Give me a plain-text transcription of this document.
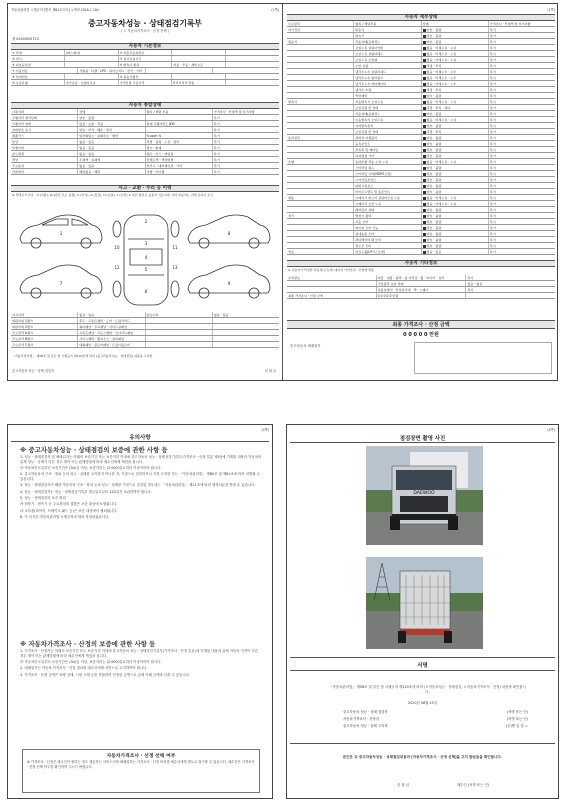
자동차관리법 시행규칙 [별지 제82호서식] <개정 2018.1.18>	(1쪽)
중고자동차성능 · 상태점검기록부
( ㅁ 자동차가격조사 · 산정 선택 )
제 0420000972호
자동차 기본정보
① 차명	(에스제이)	② 자동차등록번호
③ 연식	④ 검사유효기간
⑤ 최초등록일	⑥ 변속기 종류	자동 · 수동 · 세미오토
⑦ 사용연료	가솔린 · 디젤 · LPG · 하이브리드 · 전기 · 기타
⑧ 차대번호	⑨ 원동기형식
⑩ 보증유형	자가보증 · 보험사보증	가격산정 기준가격	0 0 0 0 0 만원
자동차 종합상태
사용이력	상태	항목 / 해당 부품	가격조사 · 산정액 및 특기사항
주행거리 계기상태	양호 · 불량	특기
주행거리 상태	많음 · 보통 · 적음	현재 주행거리 [ ]KM	특기
차대번호 표기	양호 · 부식 · 훼손 · 상이	특기
배출가스	일산화탄소 · 탄화수소 · 매연	% ppm %	특기
튜닝	없음 · 있음	적법 · 불법 · 구조 · 장치	특기
특별이력	없음 · 있음	침수 · 화재	특기
용도변경	없음 · 있음	렌트 · 리스 · 영업용	특기
색상	무채색 · 유채색	전체도색 · 색상변경	특기
주요옵션	없음 · 있음	썬루프 · 네비게이션 · 기타	특기
리콜대상	해당없음 · 해당	이행 · 미이행	특기
사고 · 교환 · 수리 등 이력
※ 상태표시 부호 : X (교환), W (판금 또는 용접), C (부식), A (흠집), U (요철), T (손상) ※ 하단 항목은 승용차 기준이며, 기타 자동차는 이에 준하여 표시
1
2
3
4
5
6
7
8
9
10	11
12	13
사고이력	없음 · 있음	단순수리	없음 · 있음
외판부위 1랭크	후드 · 프론트펜더 · 도어 · 트렁크리드
외판부위 2랭크	쿼터패널 · 루프패널 · 사이드실패널
주요골격 A랭크	프론트패널 · 크로스멤버 · 인사이드패널
주요골격 B랭크	사이드멤버 · 휠하우스 · 필러패널
주요골격 C랭크	대쉬패널 · 플로어패널 · 트렁크플로어
「자동차관리법」 제58조 및 같은 법 시행규칙 제120조에 따라 (중고자동차성능 · 상태점검) 내용을 고지함
중고자동차 성능 · 상태 점검자	년 월 일
(1쪽)
자동차 세부상태
주요장치	항목 / 해당부품	상태	가격조사 · 산정액 및 특기사항
자기진단	원동기	양호 · 불량	특기
변속기	양호 · 불량	특기
원동기	작동상태(공회전)	양호 · 불량	특기
오일누유 실린더커버	없음 · 미세누유 · 누유	특기
오일누유 실린더헤드	없음 · 미세누유 · 누유	특기
오일누유 오일팬	없음 · 미세누유 · 누유	특기
오일 유량	적정 · 부족	특기
냉각수누수 실린더헤드	없음 · 미세누수 · 누수	특기
냉각수누수 워터펌프	없음 · 미세누수 · 누수	특기
냉각수누수 라디에이터	없음 · 미세누수 · 누수	특기
냉각수 수량	적정 · 부족	특기
커먼레일	양호 · 불량	특기
변속기	자동변속기 오일누유	없음 · 미세누유 · 누유	특기
오일유량 및 상태	적정 · 부족 · 과다	특기
작동상태(공회전)	양호 · 불량	특기
수동변속기 오일누유	없음 · 미세누유 · 누유	특기
기어변속장치	양호 · 불량	특기
오일유량 및 상태	적정 · 부족	특기
동력전달	클러치 어셈블리	양호 · 불량	특기
등속조인트	양호 · 불량	특기
추진축 및 베어링	양호 · 불량	특기
디퍼렌셜 기어	양호 · 불량	특기
조향	동력조향 작동 오일 누유	없음 · 미세누유 · 누유	특기
스티어링 펌프	양호 · 불량	특기
스티어링 기어(MDPS포함)	양호 · 불량	특기
스티어링조인트	양호 · 불량	특기
파워고압호스	양호 · 불량	특기
타이로드엔드 및 볼조인트	양호 · 불량	특기
제동	브레이크 마스터 실린더오일 누유	없음 · 미세누유 · 누유	특기
브레이크 오일 누유	없음 · 미세누유 · 누유	특기
배력장치 상태	양호 · 불량	특기
전기	발전기 출력	양호 · 불량	특기
시동 모터	양호 · 불량	특기
와이퍼 모터 기능	양호 · 불량	특기
실내송풍 모터	양호 · 불량	특기
라디에이터 팬 모터	양호 · 불량	특기
윈도우 모터	양호 · 불량	특기
연료	연료누출(LP가스포함)	없음 · 있음	특기
자동차 기타정보
※ 사용자가 작성한 자동차(소유자) 대하여 가격조사 · 산정에 적용
수리필요	외장 · 내장 · 광택 · 룸 크리닝 · 휠 · 타이어 · 유리	특기
기본품목 보유 상태	있음 · 없음
사용설명서 · 안전삼각대 · 잭 · 스패너	특기
최종 가격조사 · 산정 금액	0 0 0 0 0 만원
최종 가격조사 · 산정 금액
0 0 0 0 0 만원
중고자동차 매매업자
(4쪽)
유의사항
※ 중고자동차성능 · 상태점검의 보증에 관한 사항 등
1. 성능 · 상태점검자 및 매매업자는 아래의 보증기간 또는 보증거리 이내에 중고자동차 성능 · 상태점검기록부(가격조사 · 산정 부분 제외)에 기재된 내용과 자동차의 실제 성능 · 상태가 다른 경우 계약 또는 관계법령에 따라 매수인에게 책임을 집니다.
㉮ 자동차인도일부터 보증기간은 (30)일 이상, 보증거리는 (2,000)킬로미터 이상이어야 합니다.
2. 중고자동차의 구조 · 장치 등의 성능 · 상태를 고지하지 아니한 자, 거짓으로 점검하거나 거짓 고지한 자는 「자동차관리법」 제80조 및 제81조에 따라 처벌될 수 있습니다.
3. 성능 · 상태점검자가 해당 자동차의 구조 · 장치 등의 성능 · 상태를 거짓으로 점검한 경우에는 「자동차관리법」 제21조에 따라 행정처분을 받을 수 있습니다.
4. 성능 · 상태점검자는 성능 · 상태점검기록부 발급일로부터 120일간 보관하여야 합니다.
5. 성능 · 상태점검의 보증 범위
㉮ 원동기 · 변속기 등 주요장치의 결함은 보증 대상에 포함됩니다.
㉯ 소모품(타이어, 브레이크 패드 등)은 보증 대상에서 제외됩니다.
6. 이 서식은 자동차관리법 시행규칙에 따라 작성되었습니다.
※ 자동차가격조사 · 산정의 보증에 관한 사항 등
1. 가격조사 · 산정자는 아래의 보증기간 또는 보증거리 이내에 중고자동차 성능 · 상태점검기록부(가격조사 · 산정 부분)에 기재된 내용과 실제 자동차 가격이 다른 경우 계약 또는 관계법령에 따라 매수인에게 책임을 집니다.
㉮ 자동차인도일부터 보증기간은 (30)일 이상, 보증거리는 (2,000)킬로미터 이상이어야 합니다.
2. 매매업자는 자동차 가격조사 · 산정 결과를 매수인에게 서면으로 고지하여야 합니다.
3. 가격조사 · 산정 금액은 차량 상태, 시장 시세 등을 종합하여 산정한 금액으로 실제 거래 금액과 다를 수 있습니다.
자동차가격조사 · 산정 선택 여부
※ 가격조사 · 산정은 매수인이 원하는 경우 제공하는 서비스이며 매매업자는 가격조사 · 산정 비용을 매수인에게 별도로 청구할 수 있습니다. 매수인은 가격조사 · 산정 선택 여부를 확인하여 주시기 바랍니다.
(4쪽)
점검장면 촬영 사진
DAEWOO
서명
「자동차관리법」 제58조 및 같은 법 시행규칙 제120조에 따라 (ㅁ자동차성능 · 상태점검, ㅁ자동차가격조사 · 산정) 내용을 확인합니다.
2020년 08월 25일
중고자동차 성능 · 상태 점검자	(서명 또는 인)
자동차가격조사 · 산정자	(서명 또는 인)
중고자동차 성능 · 상태 고지자	(주)엔 일 점 ㅇ
본인은 위 중고자동차성능 · 상태점검내용과 [자동차가격조사 · 산정 선택]을 고지 받았음을 확인합니다.
년 월 일	매수인 (서명 또는 인)
